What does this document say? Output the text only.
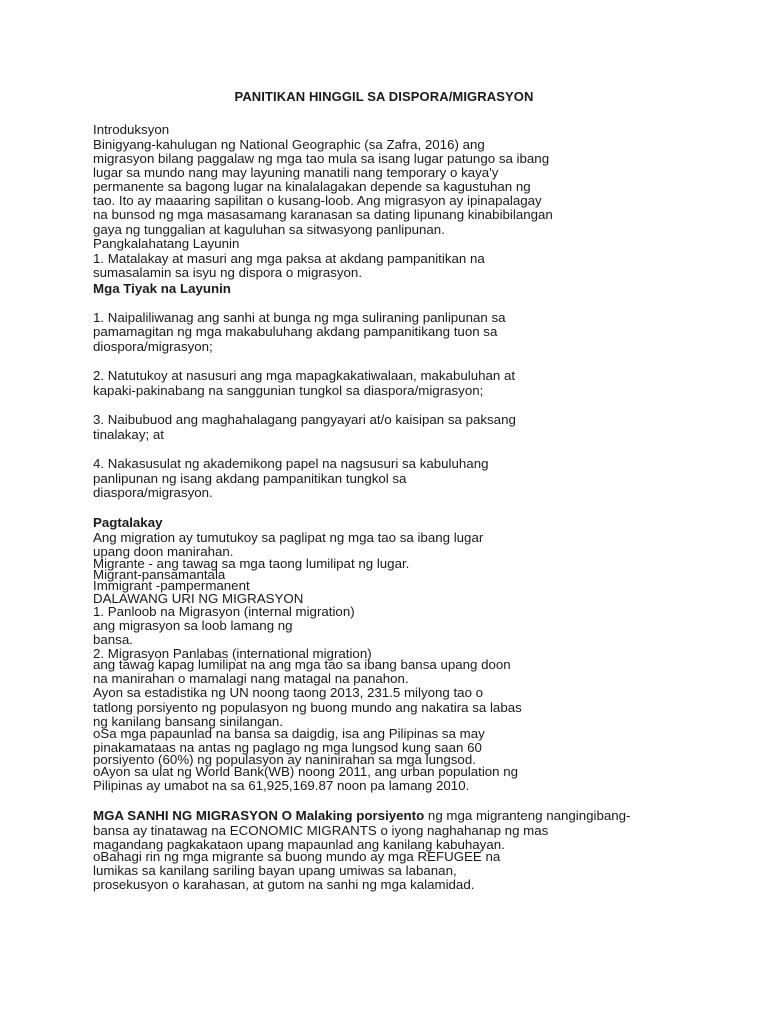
PANITIKAN HINGGIL SA DISPORA/MIGRASYON
Introduksyon
Binigyang-kahulugan ng National Geographic (sa Zafra, 2016) ang
migrasyon bilang paggalaw ng mga tao mula sa isang lugar patungo sa ibang
lugar sa mundo nang may layuning manatili nang temporary o kaya'y
permanente sa bagong lugar na kinalalagakan depende sa kagustuhan ng
tao. Ito ay maaaring sapilitan o kusang-loob. Ang migrasyon ay ipinapalagay
na bunsod ng mga masasamang karanasan sa dating lipunang kinabibilangan
gaya ng tunggalian at kaguluhan sa sitwasyong panlipunan.
Pangkalahatang Layunin
1. Matalakay at masuri ang mga paksa at akdang pampanitikan na
sumasalamin sa isyu ng dispora o migrasyon.
Mga Tiyak na Layunin
1. Naipaliliwanag ang sanhi at bunga ng mga suliraning panlipunan sa
pamamagitan ng mga makabuluhang akdang pampanitikang tuon sa
diospora/migrasyon;
2. Natutukoy at nasusuri ang mga mapagkakatiwalaan, makabuluhan at
kapaki-pakinabang na sanggunian tungkol sa diaspora/migrasyon;
3. Naibubuod ang maghahalagang pangyayari at/o kaisipan sa paksang
tinalakay; at
4. Nakasusulat ng akademikong papel na nagsusuri sa kabuluhang
panlipunan ng isang akdang pampanitikan tungkol sa
diaspora/migrasyon.
Pagtalakay
Ang migration ay tumutukoy sa paglipat ng mga tao sa ibang lugar
upang doon manirahan.
Migrante - ang tawag sa mga taong lumilipat ng lugar.
Migrant-pansamantala
Immigrant -pampermanent
DALAWANG URI NG MIGRASYON
1. Panloob na Migrasyon (internal migration)
ang migrasyon sa loob lamang ng
bansa.
2. Migrasyon Panlabas (international migration)
ang tawag kapag lumilipat na ang mga tao sa ibang bansa upang doon
na manirahan o mamalagi nang matagal na panahon.
Ayon sa estadistika ng UN noong taong 2013, 231.5 milyong tao o
tatlong porsiyento ng populasyon ng buong mundo ang nakatira sa labas
ng kanilang bansang sinilangan.
oSa mga papaunlad na bansa sa daigdig, isa ang Pilipinas sa may
pinakamataas na antas ng paglago ng mga lungsod kung saan 60
porsiyento (60%) ng populasyon ay naninirahan sa mga lungsod.
oAyon sa ulat ng World Bank(WB) noong 2011, ang urban population ng
Pilipinas ay umabot na sa 61,925,169.87 noon pa lamang 2010.
MGA SANHI NG MIGRASYON O Malaking porsiyento ng mga migranteng nangingibang-
bansa ay tinatawag na ECONOMIC MIGRANTS o iyong naghahanap ng mas
magandang pagkakataon upang mapaunlad ang kanilang kabuhayan.
oBahagi rin ng mga migrante sa buong mundo ay mga REFUGEE na
lumikas sa kanilang sariling bayan upang umiwas sa labanan,
prosekusyon o karahasan, at gutom na sanhi ng mga kalamidad.
